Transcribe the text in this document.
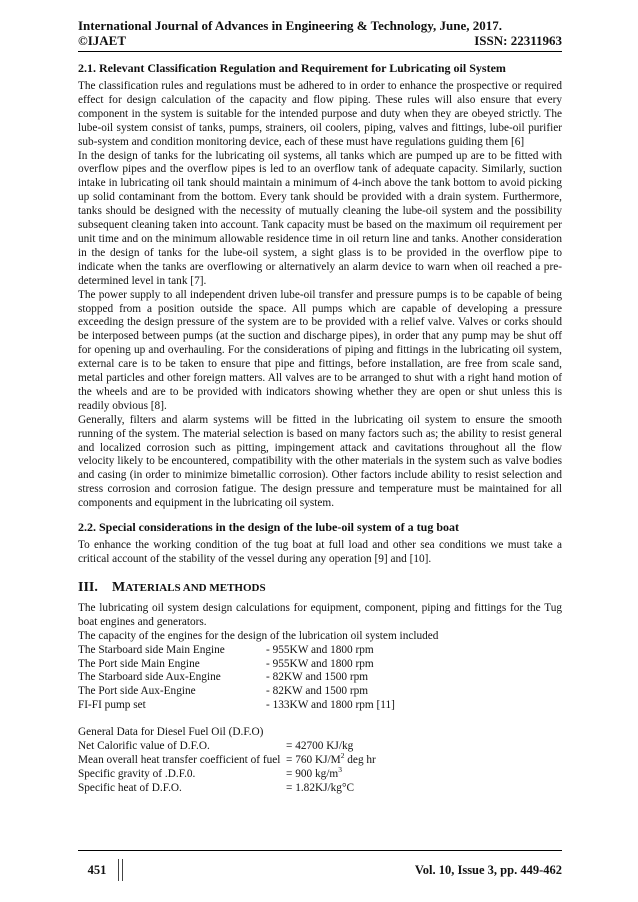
International Journal of Advances in Engineering & Technology, June, 2017.
©IJAET	ISSN: 22311963
2.1. Relevant Classification Regulation and Requirement for Lubricating oil System

The classification rules and regulations must be adhered to in order to enhance the prospective or required effect for design calculation of the capacity and flow piping. These rules will also ensure that every component in the system is suitable for the intended purpose and duty when they are obeyed strictly. The lube-oil system consist of tanks, pumps, strainers, oil coolers, piping, valves and fittings, lube-oil purifier sub-system and condition monitoring device, each of these must have regulations guiding them [6]

In the design of tanks for the lubricating oil systems, all tanks which are pumped up are to be fitted with overflow pipes and the overflow pipes is led to an overflow tank of adequate capacity. Similarly, suction intake in lubricating oil tank should maintain a minimum of 4-inch above the tank bottom to avoid picking up solid contaminant from the bottom. Every tank should be provided with a drain system. Furthermore, tanks should be designed with the necessity of mutually cleaning the lube-oil system and the possibility subsequent cleaning taken into account. Tank capacity must be based on the maximum oil requirement per unit time and on the minimum allowable residence time in oil return line and tanks. Another consideration in the design of tanks for the lube-oil system, a sight glass is to be provided in the overflow pipe to indicate when the tanks are overflowing or alternatively an alarm device to warn when oil reached a pre-determined level in tank [7].

The power supply to all independent driven lube-oil transfer and pressure pumps is to be capable of being stopped from a position outside the space. All pumps which are capable of developing a pressure exceeding the design pressure of the system are to be provided with a relief valve. Valves or corks should be interposed between pumps (at the suction and discharge pipes), in order that any pump may be shut off for opening up and overhauling. For the considerations of piping and fittings in the lubricating oil system, external care is to be taken to ensure that pipe and fittings, before installation, are free from scale sand, metal particles and other foreign matters. All valves are to be arranged to shut with a right hand motion of the wheels and are to be provided with indicators showing whether they are open or shut unless this is readily obvious [8].

Generally, filters and alarm systems will be fitted in the lubricating oil system to ensure the smooth running of the system. The material selection is based on many factors such as; the ability to resist general and localized corrosion such as pitting, impingement attack and cavitations throughout all the flow velocity likely to be encountered, compatibility with the other materials in the system such as valve bodies and casing (in order to minimize bimetallic corrosion). Other factors include ability to resist selection and stress corrosion and corrosion fatigue. The design pressure and temperature must be maintained for all components and equipment in the lubricating oil system.

2.2. Special considerations in the design of the lube-oil system of a tug boat

To enhance the working condition of the tug boat at full load and other sea conditions we must take a critical account of the stability of the vessel during any operation [9] and [10].

III. MATERIALS AND METHODS

The lubricating oil system design calculations for equipment, component, piping and fittings for the Tug boat engines and generators.

The capacity of the engines for the design of the lubrication oil system included
The Starboard side Main Engine	- 955KW and 1800 rpm
The Port side Main Engine	- 955KW and 1800 rpm
The Starboard side Aux-Engine	- 82KW and 1500 rpm
The Port side Aux-Engine	- 82KW and 1500 rpm
FI-FI pump set	- 133KW and 1800 rpm [11]
General Data for Diesel Fuel Oil (D.F.O)
Net Calorific value of D.F.O.	= 42700 KJ/kg
Mean overall heat transfer coefficient of fuel = 760 $KJ/M^2$ deg hr
Specific gravity of .D.F.0.	= 900 $kg/m^3$
Specific heat of D.F.O.	= 1.82KJ/kg°C
451	Vol. 10, Issue 3, pp. 449-462
